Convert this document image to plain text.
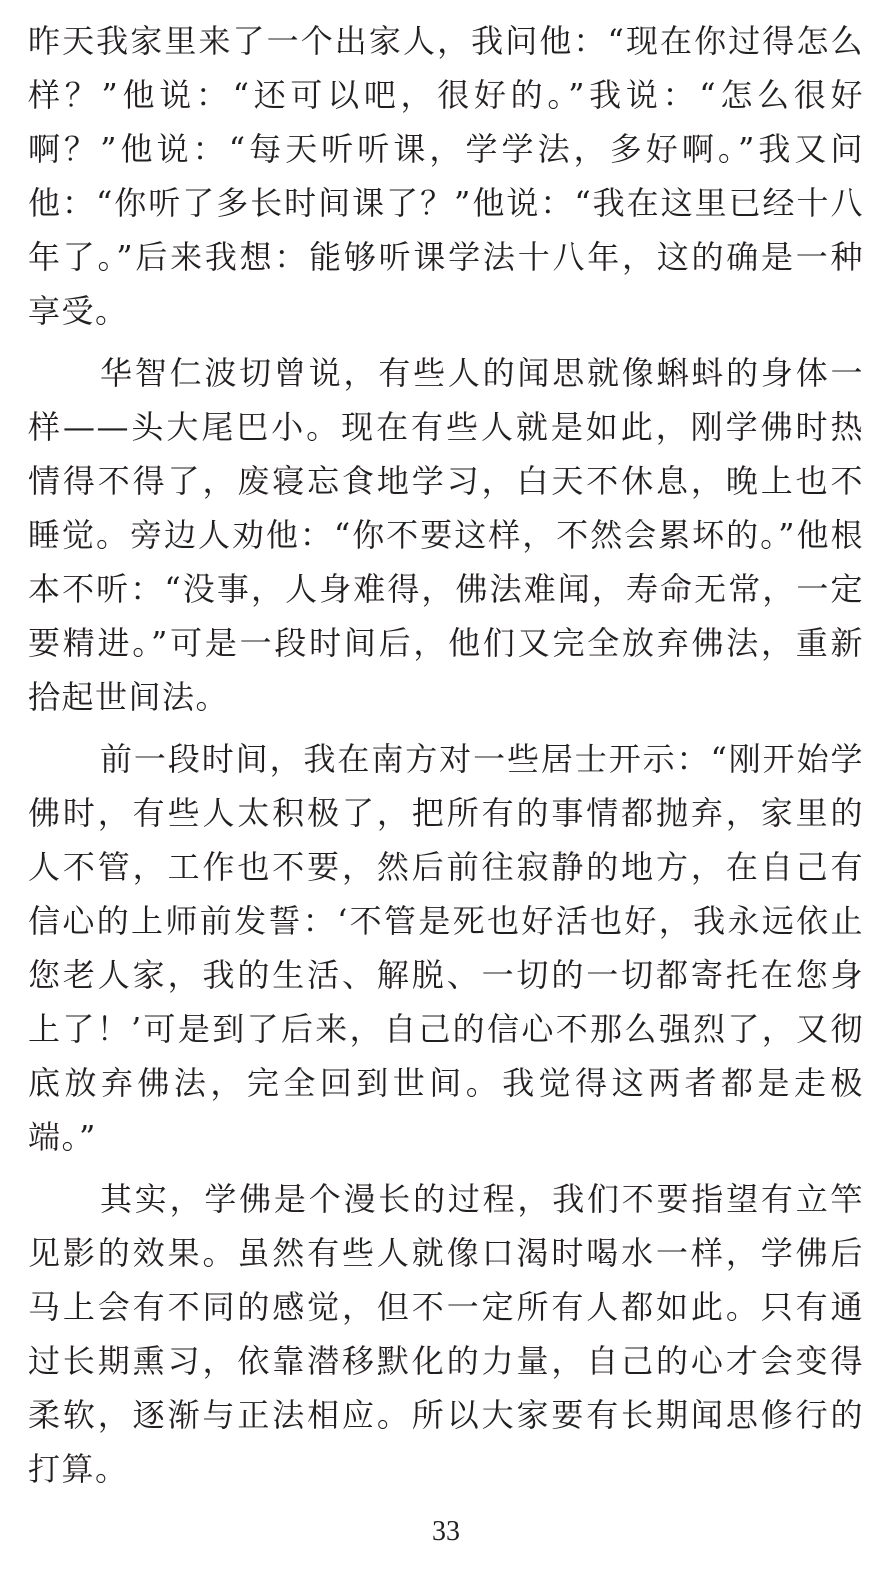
昨天我家里来了一个出家人，我问他：“现在你过得怎么样？”他说：“还可以吧，很好的。”我说：“怎么很好啊？”他说：“每天听听课，学学法，多好啊。”我又问他：“你听了多长时间课了？”他说：“我在这里已经十八年了。”后来我想：能够听课学法十八年，这的确是一种享受。

华智仁波切曾说，有些人的闻思就像蝌蚪的身体一样——头大尾巴小。现在有些人就是如此，刚学佛时热情得不得了，废寝忘食地学习，白天不休息，晚上也不睡觉。旁边人劝他：“你不要这样，不然会累坏的。”他根本不听：“没事，人身难得，佛法难闻，寿命无常，一定要精进。”可是一段时间后，他们又完全放弃佛法，重新拾起世间法。

前一段时间，我在南方对一些居士开示：“刚开始学佛时，有些人太积极了，把所有的事情都抛弃，家里的人不管，工作也不要，然后前往寂静的地方，在自己有信心的上师前发誓：‘不管是死也好活也好，我永远依止您老人家，我的生活、解脱、一切的一切都寄托在您身上了！’可是到了后来，自己的信心不那么强烈了，又彻底放弃佛法，完全回到世间。我觉得这两者都是走极端。”

其实，学佛是个漫长的过程，我们不要指望有立竿见影的效果。虽然有些人就像口渴时喝水一样，学佛后马上会有不同的感觉，但不一定所有人都如此。只有通过长期熏习，依靠潜移默化的力量，自己的心才会变得柔软，逐渐与正法相应。所以大家要有长期闻思修行的打算。

33
